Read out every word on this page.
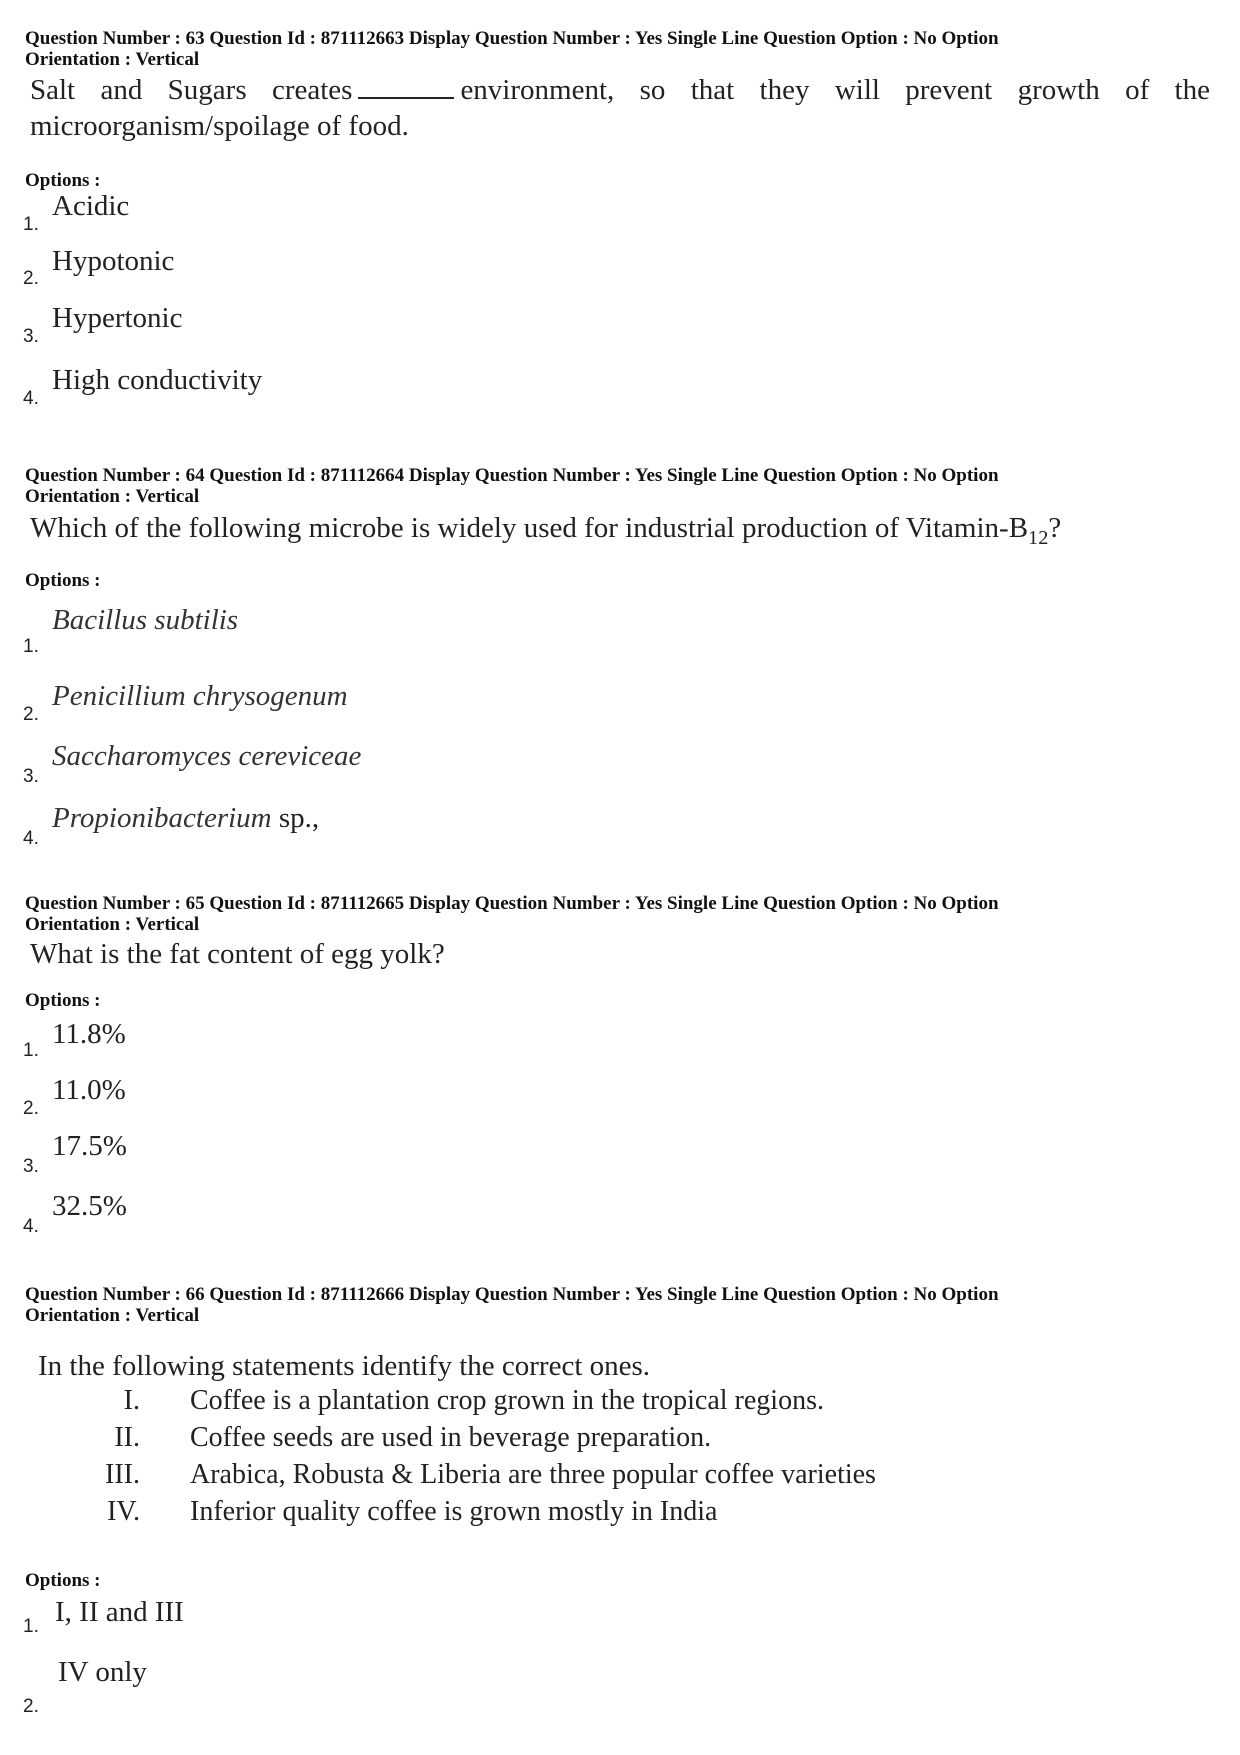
Question Number : 63 Question Id : 871112663 Display Question Number : Yes Single Line Question Option : No Option
Orientation : Vertical
Salt and Sugars creates	environment, so that they will prevent growth of the microorganism/spoilage of food.
Options :
1.
Acidic
2.
Hypotonic
3.
Hypertonic
4.
High conductivity
Question Number : 64 Question Id : 871112664 Display Question Number : Yes Single Line Question Option : No Option
Orientation : Vertical
Which of the following microbe is widely used for industrial production of Vitamin-$B_{12}$?
Options :
1.
Bacillus subtilis
2.
Penicillium chrysogenum
3.
Saccharomyces cereviceae
4.
Propionibacterium sp.,
Question Number : 65 Question Id : 871112665 Display Question Number : Yes Single Line Question Option : No Option
Orientation : Vertical
What is the fat content of egg yolk?
Options :
1.
11.8%
2.
11.0%
3.
17.5%
4.
32.5%
Question Number : 66 Question Id : 871112666 Display Question Number : Yes Single Line Question Option : No Option
Orientation : Vertical
In the following statements identify the correct ones.
I. Coffee is a plantation crop grown in the tropical regions.
II. Coffee seeds are used in beverage preparation.
III. Arabica, Robusta & Liberia are three popular coffee varieties
IV. Inferior quality coffee is grown mostly in India
Options :
1. I, II and III
2.
IV only
